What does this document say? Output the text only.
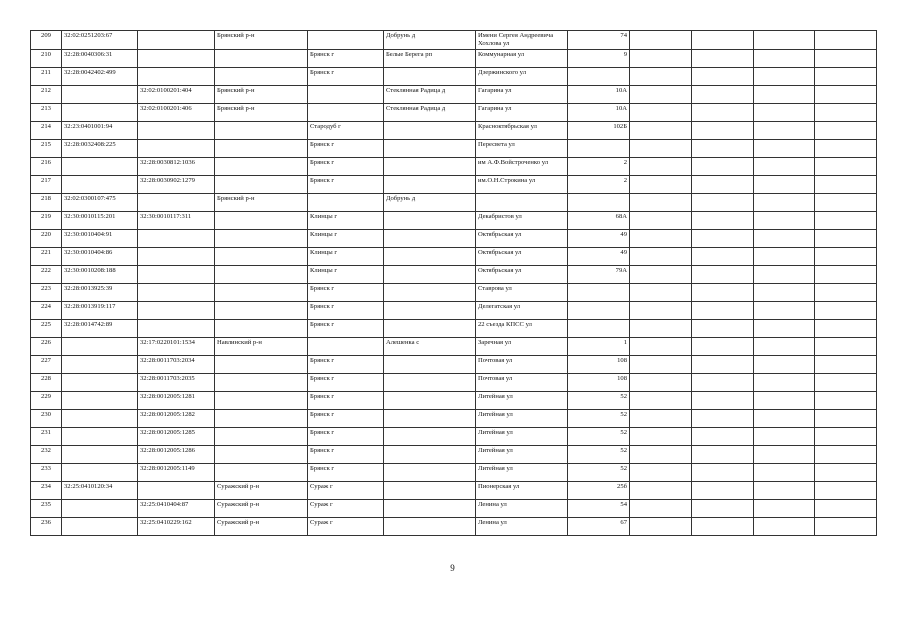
209	32:02:0251203:67		Брянский р-н		Добрунь д	Имени Сергея Андреевича Хохлова ул	74				
210	32:28:0040306:31			Брянск г	Белые Берега рп	Коммунарная ул	9				
211	32:28:0042402:499			Брянск г		Дзержинского ул					
212		32:02:0100201:404	Брянский р-н		Стеклянная Радица д	Гагарина ул	10А				
213		32:02:0100201:406	Брянский р-н		Стеклянная Радица д	Гагарина ул	10А				
214	32:23:0401001:94			Стародуб г		Красноктябрьская ул	102Б				
215	32:28:0032408:225			Брянск г		Пересвета ул					
216		32:28:0030812:1036		Брянск г		им А.Ф.Войстроченко ул	2				
217		32:28:0030902:1279		Брянск г		им.О.Н.Строкина ул	2				
218	32:02:0300107:475		Брянский р-н		Добрунь д						
219	32:30:0010115:201	32:30:0010117:311		Клинцы г		Декабристов ул	68А				
220	32:30:0010404:91			Клинцы г		Октябрьская ул	49				
221	32:30:0010404:86			Клинцы г		Октябрьская ул	49				
222	32:30:0010208:188			Клинцы г		Октябрьская ул	79А				
223	32:28:0013925:39			Брянск г		Ставрова ул					
224	32:28:0013919:117			Брянск г		Делегатская ул					
225	32:28:0014742:89			Брянск г		22 съезда КПСС ул					
226		32:17:0220101:1534	Навлинский р-н		Алешенка с	Заречная ул	1				
227		32:28:0011703:2034		Брянск г		Почтовая ул	108				
228		32:28:0011703:2035		Брянск г		Почтовая ул	108				
229		32:28:0012005:1281		Брянск г		Литейная ул	52				
230		32:28:0012005:1282		Брянск г		Литейная ул	52				
231		32:28:0012005:1285		Брянск г		Литейная ул	52				
232		32:28:0012005:1286		Брянск г		Литейная ул	52				
233		32:28:0012005:1149		Брянск г		Литейная ул	52				
234	32:25:0410120:34		Суражский р-н	Сураж г		Пионерская ул	25б				
235		32:25:0410404:87	Суражский р-н	Сураж г		Ленина ул	54				
236		32:25:0410229:162	Суражский р-н	Сураж г		Ленина ул	67				
9
